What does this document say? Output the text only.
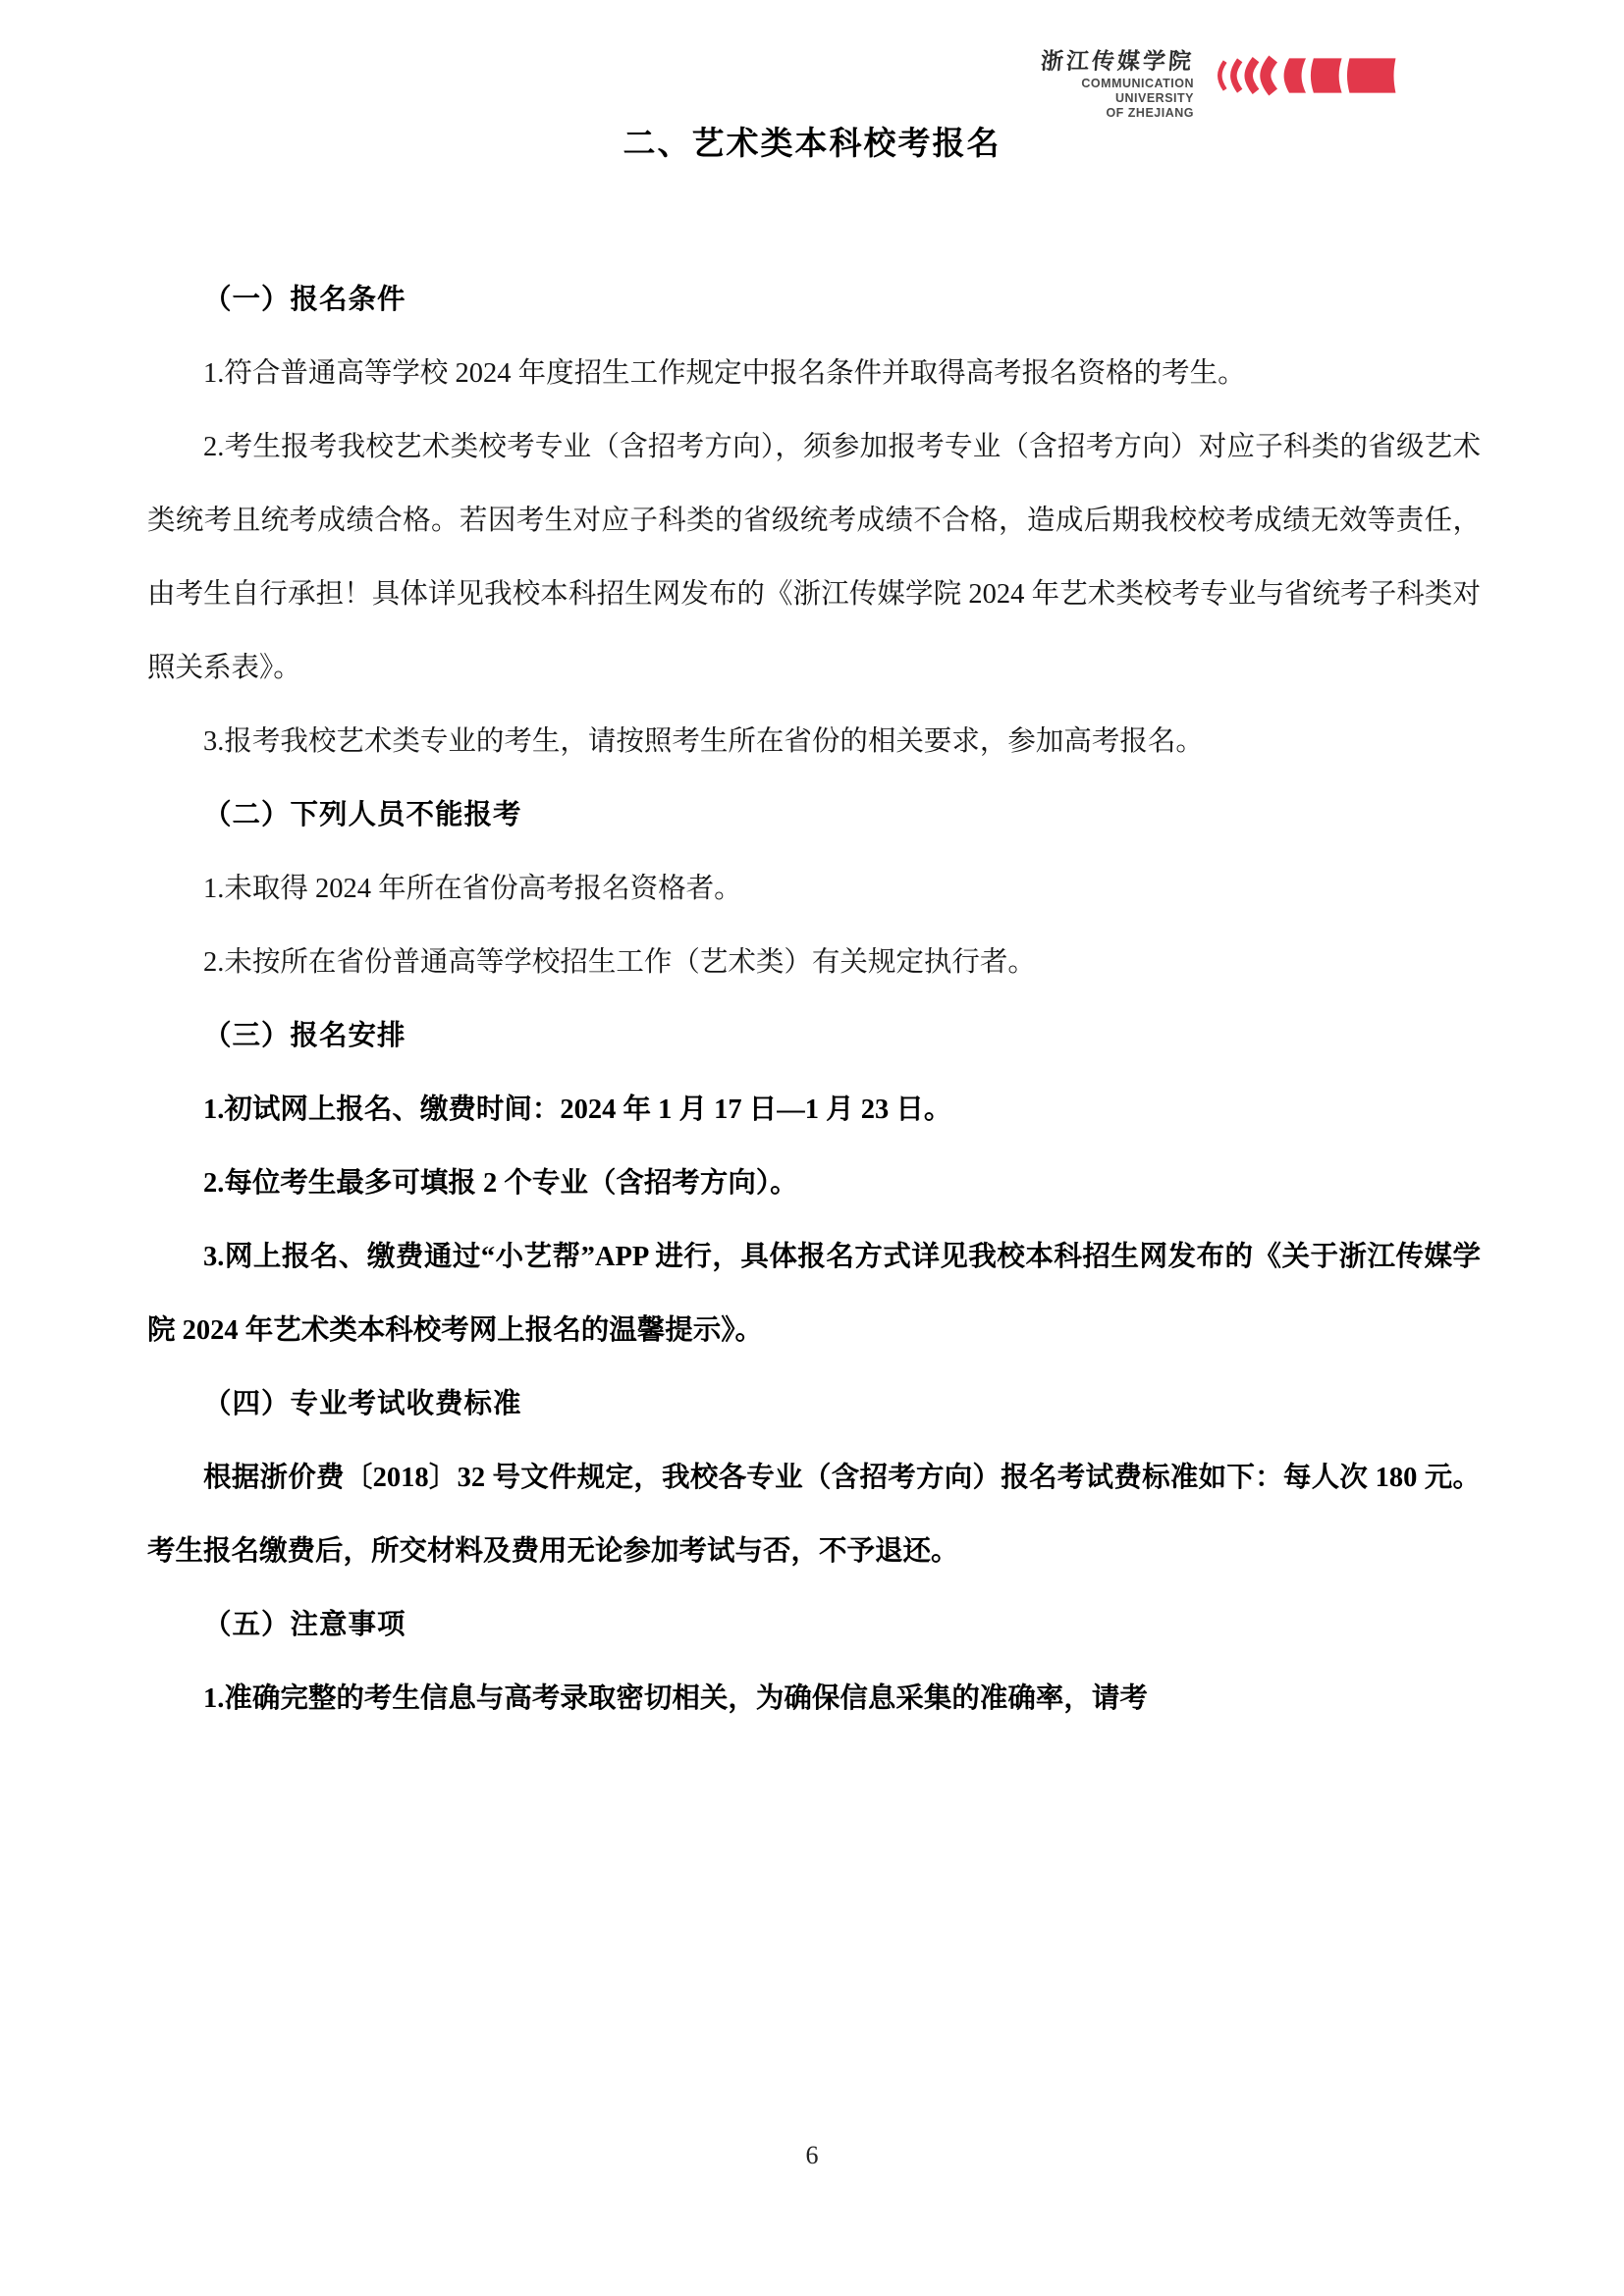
浙江传媒学院
COMMUNICATION
UNIVERSITY
OF ZHEJIANG
二、艺术类本科校考报名

（一）报名条件

1.符合普通高等学校 2024 年度招生工作规定中报名条件并取得高考报名资格的考生。

2.考生报考我校艺术类校考专业（含招考方向），须参加报考专业（含招考方向）对应子科类的省级艺术类统考且统考成绩合格。若因考生对应子科类的省级统考成绩不合格，造成后期我校校考成绩无效等责任，由考生自行承担！具体详见我校本科招生网发布的《浙江传媒学院 2024 年艺术类校考专业与省统考子科类对照关系表》。

3.报考我校艺术类专业的考生，请按照考生所在省份的相关要求，参加高考报名。

（二）下列人员不能报考

1.未取得 2024 年所在省份高考报名资格者。

2.未按所在省份普通高等学校招生工作（艺术类）有关规定执行者。

（三）报名安排

1.初试网上报名、缴费时间：2024 年 1 月 17 日—1 月 23 日。

2.每位考生最多可填报 2 个专业（含招考方向）。

3.网上报名、缴费通过“小艺帮”APP 进行，具体报名方式详见我校本科招生网发布的《关于浙江传媒学院 2024 年艺术类本科校考网上报名的温馨提示》。

（四）专业考试收费标准

根据浙价费〔2018〕32 号文件规定，我校各专业（含招考方向）报名考试费标准如下：每人次 180 元。考生报名缴费后，所交材料及费用无论参加考试与否，不予退还。

（五）注意事项

1.准确完整的考生信息与高考录取密切相关，为确保信息采集的准确率，请考

6
